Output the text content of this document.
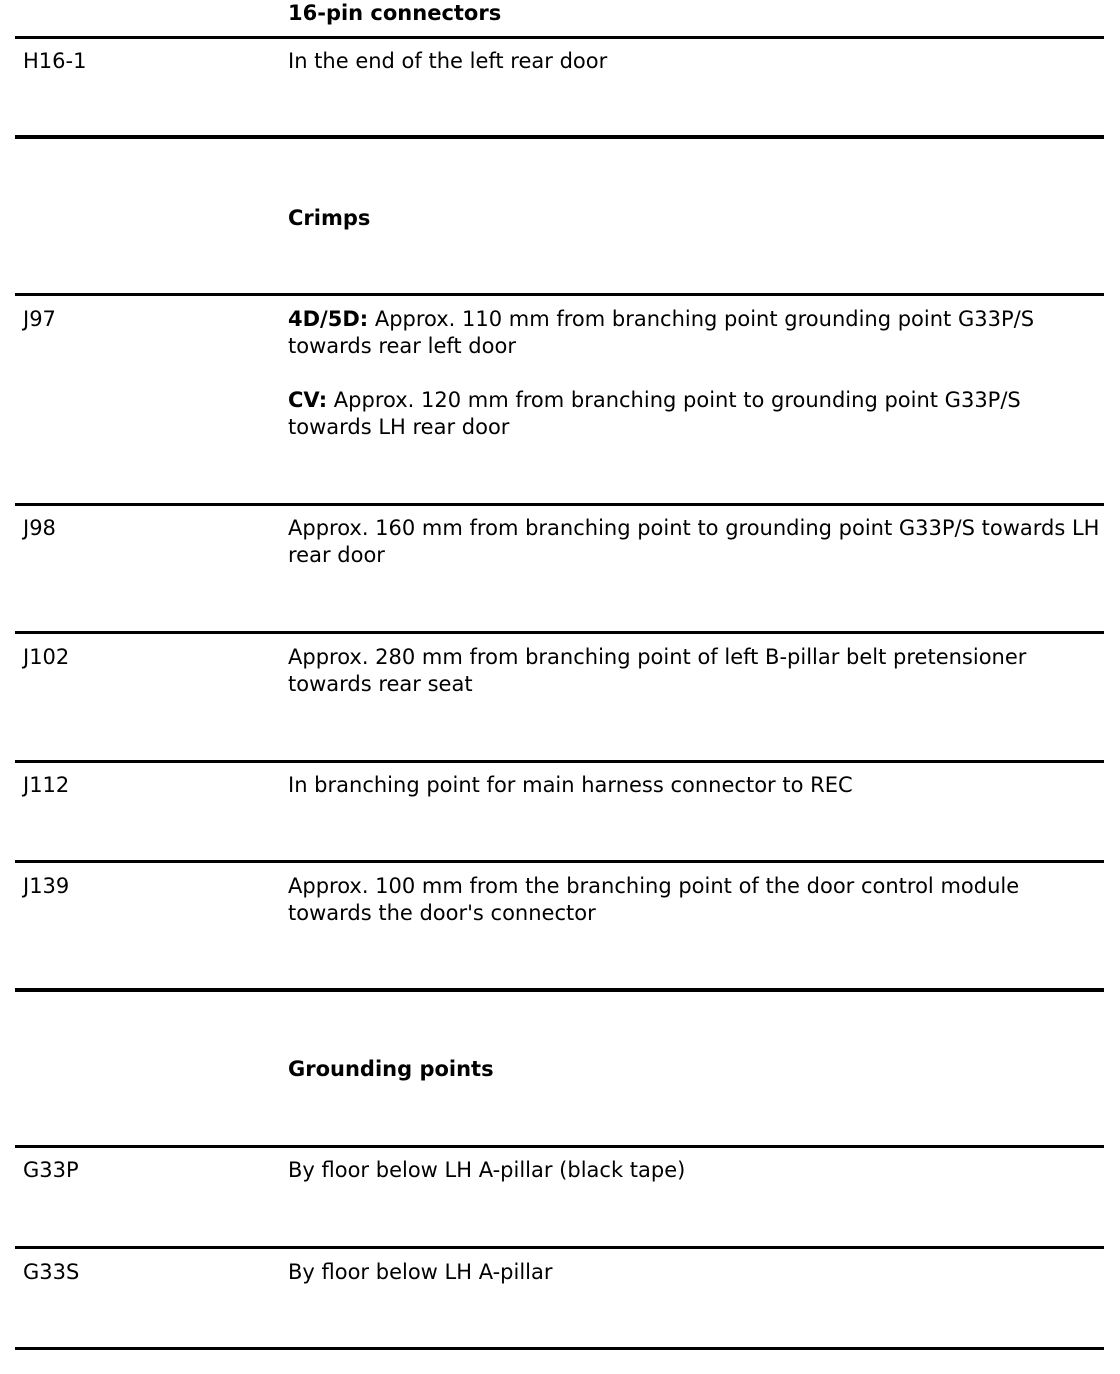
16-pin connectors
H16-1	In the end of the left rear door
Crimps
J97	4D/5D: Approx. 110 mm from branching point grounding point G33P/S towards rear left door
CV: Approx. 120 mm from branching point to grounding point G33P/S towards LH rear door
J98	Approx. 160 mm from branching point to grounding point G33P/S towards LH rear door
J102	Approx. 280 mm from branching point of left B-pillar belt pretensioner towards rear seat
J112	In branching point for main harness connector to REC
J139	Approx. 100 mm from the branching point of the door control module towards the door's connector
Grounding points
G33P	By floor below LH A-pillar (black tape)
G33S	By floor below LH A-pillar
